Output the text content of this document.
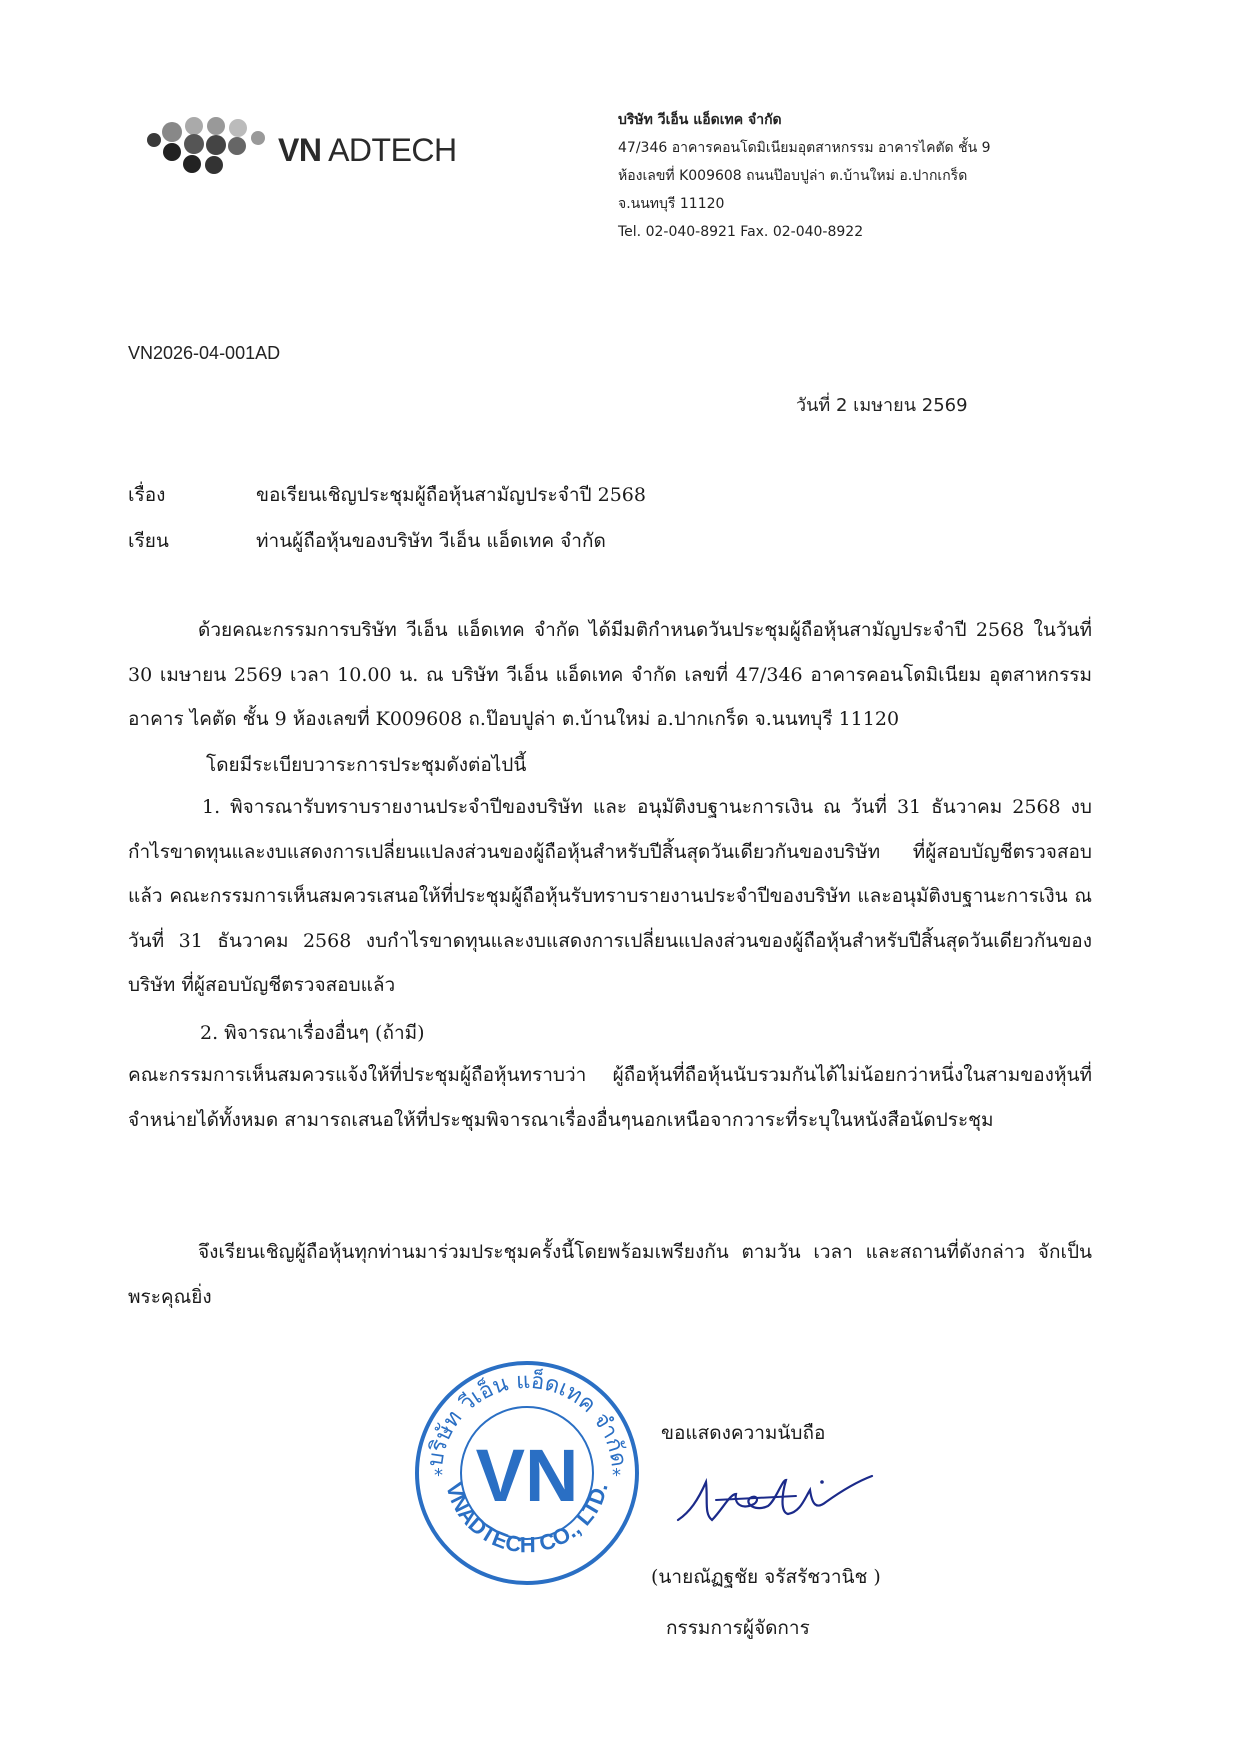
VN ADTECH
บริษัท วีเอ็น แอ็ดเทค จำกัด
47/346 อาคารคอนโดมิเนียมอุตสาหกรรม อาคารไคตัด ชั้น 9
ห้องเลขที่ K009608 ถนนป๊อบปูล่า ต.บ้านใหม่ อ.ปากเกร็ด
จ.นนทบุรี 11120
Tel. 02-040-8921 Fax. 02-040-8922
VN2026-04-001AD
วันที่ 2 เมษายน 2569
เรื่อง	ขอเรียนเชิญประชุมผู้ถือหุ้นสามัญประจำปี 2568
เรียน	ท่านผู้ถือหุ้นของบริษัท วีเอ็น แอ็ดเทค จำกัด
ด้วยคณะกรรมการบริษัท วีเอ็น แอ็ดเทค จำกัด ได้มีมติกำหนดวันประชุมผู้ถือหุ้นสามัญประจำปี 2568 ในวันที่ 30 เมษายน 2569 เวลา 10.00 น. ณ บริษัท วีเอ็น แอ็ดเทค จำกัด เลขที่ 47/346 อาคารคอนโดมิเนียม อุตสาหกรรม อาคาร ไคตัด ชั้น 9 ห้องเลขที่ K009608 ถ.ป๊อบปูล่า ต.บ้านใหม่ อ.ปากเกร็ด จ.นนทบุรี 11120
โดยมีระเบียบวาระการประชุมดังต่อไปนี้
1. พิจารณารับทราบรายงานประจำปีของบริษัท และ อนุมัติงบฐานะการเงิน ณ วันที่ 31 ธันวาคม 2568 งบกำไรขาดทุนและงบแสดงการเปลี่ยนแปลงส่วนของผู้ถือหุ้นสำหรับปีสิ้นสุดวันเดียวกันของบริษัท ที่ผู้สอบบัญชีตรวจสอบแล้ว คณะกรรมการเห็นสมควรเสนอให้ที่ประชุมผู้ถือหุ้นรับทราบรายงานประจำปีของบริษัท และอนุมัติงบฐานะการเงิน ณ วันที่ 31 ธันวาคม 2568 งบกำไรขาดทุนและงบแสดงการเปลี่ยนแปลงส่วนของผู้ถือหุ้นสำหรับปีสิ้นสุดวันเดียวกันของบริษัท ที่ผู้สอบบัญชีตรวจสอบแล้ว
2. พิจารณาเรื่องอื่นๆ (ถ้ามี)
คณะกรรมการเห็นสมควรแจ้งให้ที่ประชุมผู้ถือหุ้นทราบว่า ผู้ถือหุ้นที่ถือหุ้นนับรวมกันได้ไม่น้อยกว่าหนึ่งในสามของหุ้นที่จำหน่ายได้ทั้งหมด สามารถเสนอให้ที่ประชุมพิจารณาเรื่องอื่นๆนอกเหนือจากวาระที่ระบุในหนังสือนัดประชุม
จึงเรียนเชิญผู้ถือหุ้นทุกท่านมาร่วมประชุมครั้งนี้โดยพร้อมเพรียงกัน ตามวัน เวลา และสถานที่ดังกล่าว จักเป็นพระคุณยิ่ง
บริษัท วีเอ็น แอ็ดเทค จำกัด
VNADTECH CO., LTD.
*	*
VN
ขอแสดงความนับถือ
(นายณัฏฐชัย จรัสรัชวานิช )
กรรมการผู้จัดการ
